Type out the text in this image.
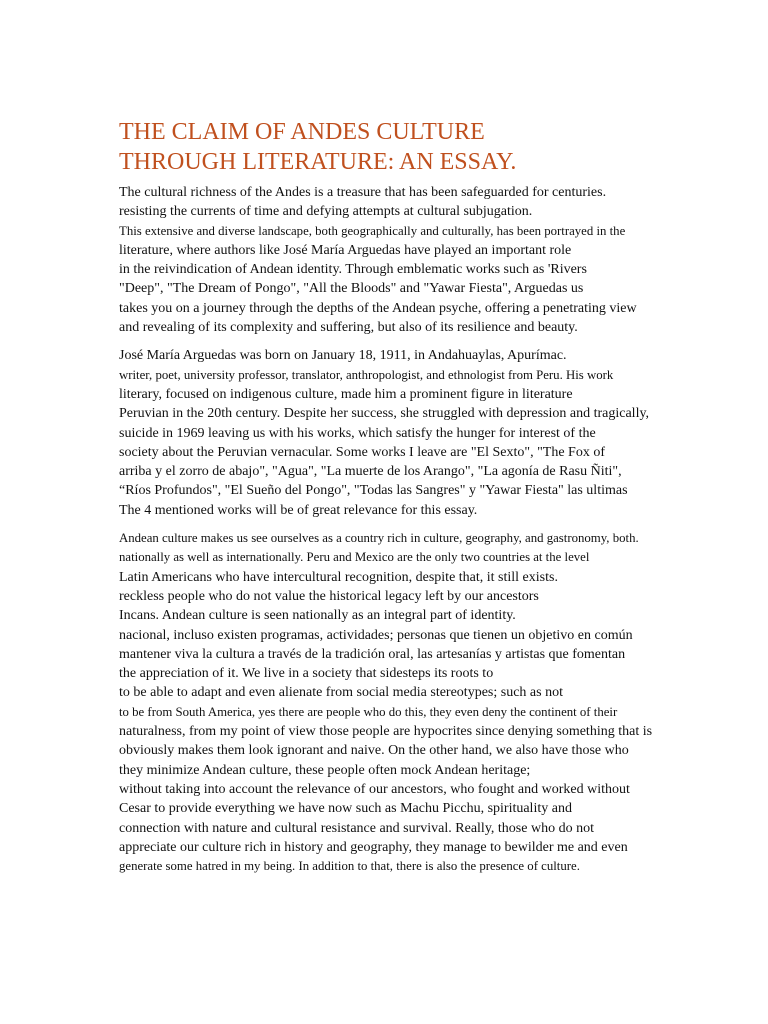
THE CLAIM OF ANDES CULTURE
THROUGH LITERATURE: AN ESSAY.
The cultural richness of the Andes is a treasure that has been safeguarded for centuries.
resisting the currents of time and defying attempts at cultural subjugation.
This extensive and diverse landscape, both geographically and culturally, has been portrayed in the
literature, where authors like José María Arguedas have played an important role
in the reivindication of Andean identity. Through emblematic works such as 'Rivers
"Deep", "The Dream of Pongo", "All the Bloods" and "Yawar Fiesta", Arguedas us
takes you on a journey through the depths of the Andean psyche, offering a penetrating view
and revealing of its complexity and suffering, but also of its resilience and beauty.
José María Arguedas was born on January 18, 1911, in Andahuaylas, Apurímac.
writer, poet, university professor, translator, anthropologist, and ethnologist from Peru. His work
literary, focused on indigenous culture, made him a prominent figure in literature
Peruvian in the 20th century. Despite her success, she struggled with depression and tragically,
suicide in 1969 leaving us with his works, which satisfy the hunger for interest of the
society about the Peruvian vernacular. Some works I leave are "El Sexto", "The Fox of
arriba y el zorro de abajo", "Agua", "La muerte de los Arango", "La agonía de Rasu Ñiti",
“Ríos Profundos", "El Sueño del Pongo", "Todas las Sangres" y "Yawar Fiesta" las ultimas
The 4 mentioned works will be of great relevance for this essay.
Andean culture makes us see ourselves as a country rich in culture, geography, and gastronomy, both.
nationally as well as internationally. Peru and Mexico are the only two countries at the level
Latin Americans who have intercultural recognition, despite that, it still exists.
reckless people who do not value the historical legacy left by our ancestors
Incans. Andean culture is seen nationally as an integral part of identity.
nacional, incluso existen programas, actividades; personas que tienen un objetivo en común
mantener viva la cultura a través de la tradición oral, las artesanías y artistas que fomentan
the appreciation of it. We live in a society that sidesteps its roots to
to be able to adapt and even alienate from social media stereotypes; such as not
to be from South America, yes there are people who do this, they even deny the continent of their
naturalness, from my point of view those people are hypocrites since denying something that is
obviously makes them look ignorant and naive. On the other hand, we also have those who
they minimize Andean culture, these people often mock Andean heritage;
without taking into account the relevance of our ancestors, who fought and worked without
Cesar to provide everything we have now such as Machu Picchu, spirituality and
connection with nature and cultural resistance and survival. Really, those who do not
appreciate our culture rich in history and geography, they manage to bewilder me and even
generate some hatred in my being. In addition to that, there is also the presence of culture.
